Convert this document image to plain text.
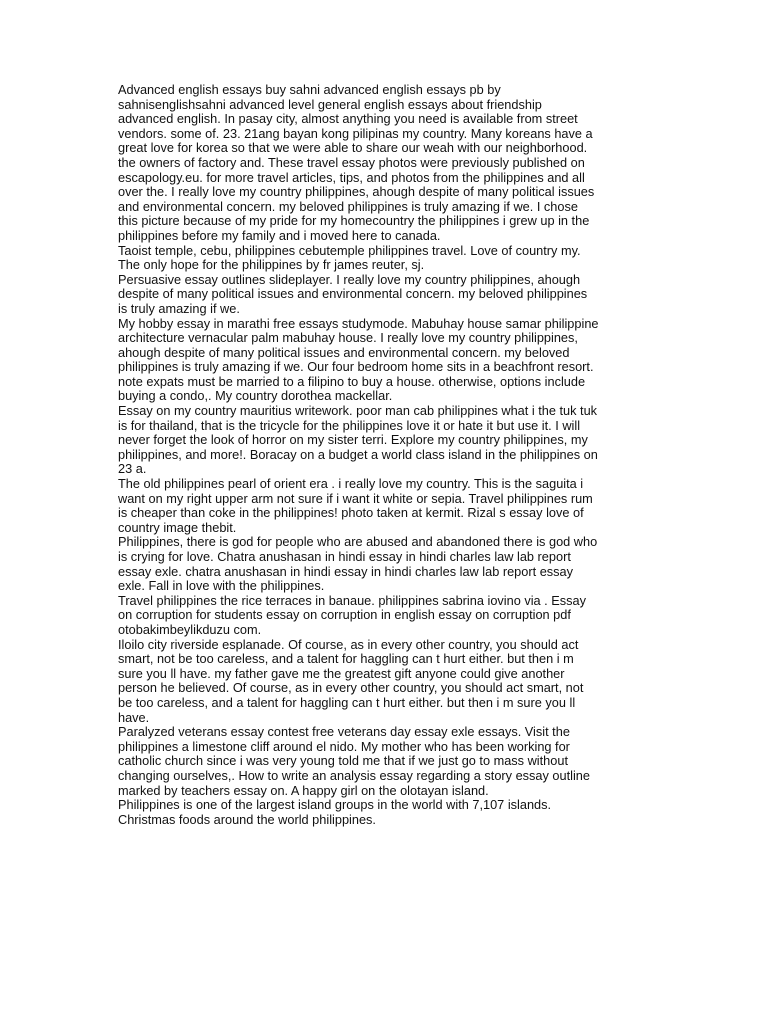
Advanced english essays buy sahni advanced english essays pb by
sahnisenglishsahni advanced level general english essays about friendship
advanced english. In pasay city, almost anything you need is available from street
vendors. some of. 23. 21ang bayan kong pilipinas my country. Many koreans have a
great love for korea so that we were able to share our weah with our neighborhood.
the owners of factory and. These travel essay photos were previously published on
escapology.eu. for more travel articles, tips, and photos from the philippines and all
over the. I really love my country philippines, ahough despite of many political issues
and environmental concern. my beloved philippines is truly amazing if we. I chose
this picture because of my pride for my homecountry the philippines i grew up in the
philippines before my family and i moved here to canada.
Taoist temple, cebu, philippines cebutemple philippines travel. Love of country my.
The only hope for the philippines by fr james reuter, sj.
Persuasive essay outlines slideplayer. I really love my country philippines, ahough
despite of many political issues and environmental concern. my beloved philippines
is truly amazing if we.
My hobby essay in marathi free essays studymode. Mabuhay house samar philippine
architecture vernacular palm mabuhay house. I really love my country philippines,
ahough despite of many political issues and environmental concern. my beloved
philippines is truly amazing if we. Our four bedroom home sits in a beachfront resort.
note expats must be married to a filipino to buy a house. otherwise, options include
buying a condo,. My country dorothea mackellar.
Essay on my country mauritius writework. poor man cab philippines what i the tuk tuk
is for thailand, that is the tricycle for the philippines love it or hate it but use it. I will
never forget the look of horror on my sister terri. Explore my country philippines, my
philippines, and more!. Boracay on a budget a world class island in the philippines on
23 a.
The old philippines pearl of orient era . i really love my country. This is the saguita i
want on my right upper arm not sure if i want it white or sepia. Travel philippines rum
is cheaper than coke in the philippines! photo taken at kermit. Rizal s essay love of
country image thebit.
Philippines, there is god for people who are abused and abandoned there is god who
is crying for love. Chatra anushasan in hindi essay in hindi charles law lab report
essay exle. chatra anushasan in hindi essay in hindi charles law lab report essay
exle. Fall in love with the philippines.
Travel philippines the rice terraces in banaue. philippines sabrina iovino via . Essay
on corruption for students essay on corruption in english essay on corruption pdf
otobakimbeylikduzu com.
Iloilo city riverside esplanade. Of course, as in every other country, you should act
smart, not be too careless, and a talent for haggling can t hurt either. but then i m
sure you ll have. my father gave me the greatest gift anyone could give another
person he believed. Of course, as in every other country, you should act smart, not
be too careless, and a talent for haggling can t hurt either. but then i m sure you ll
have.
Paralyzed veterans essay contest free veterans day essay exle essays. Visit the
philippines a limestone cliff around el nido. My mother who has been working for
catholic church since i was very young told me that if we just go to mass without
changing ourselves,. How to write an analysis essay regarding a story essay outline
marked by teachers essay on. A happy girl on the olotayan island.
Philippines is one of the largest island groups in the world with 7,107 islands.
Christmas foods around the world philippines.
